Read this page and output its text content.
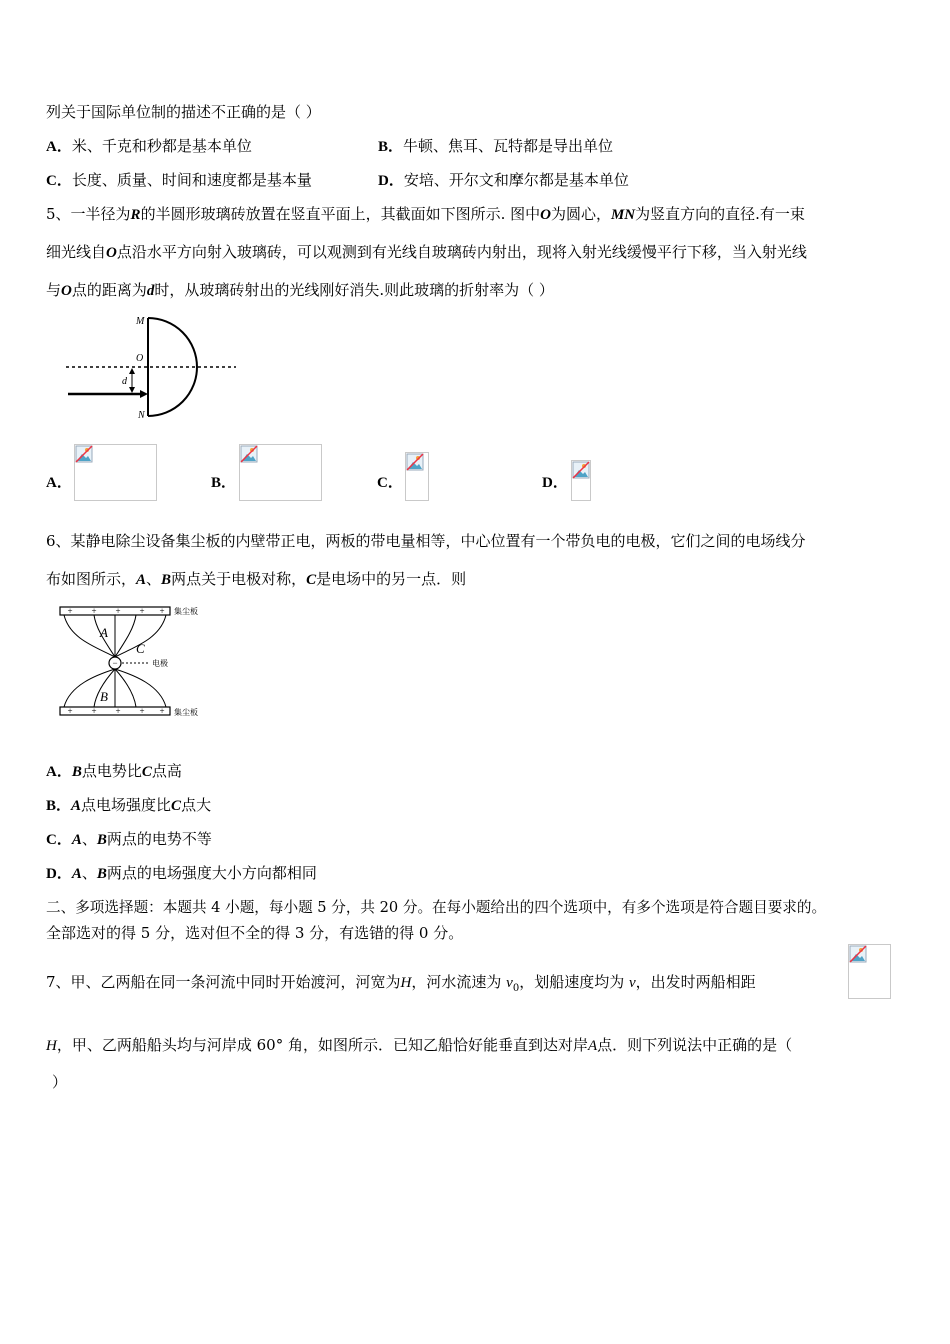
列关于国际单位制的描述不正确的是（ ）
A．米、千克和秒都是基本单位	B．牛顿、焦耳、瓦特都是导出单位
C．长度、质量、时间和速度都是基本量	D．安培、开尔文和摩尔都是基本单位
5、一半径为R的半圆形玻璃砖放置在竖直平面上，其截面如下图所示. 图中O为圆心，MN为竖直方向的直径.有一束
细光线自O点沿水平方向射入玻璃砖，可以观测到有光线自玻璃砖内射出，现将入射光线缓慢平行下移，当入射光线
与O点的距离为d时，从玻璃砖射出的光线刚好消失.则此玻璃的折射率为（ ）
M
O
d
N
A．	B．	C．	D．
6、某静电除尘设备集尘板的内壁带正电，两板的带电量相等，中心位置有一个带负电的电极，它们之间的电场线分
布如图所示，A、B两点关于电极对称，C是电场中的另一点．则
+ + + + +
+ + + + +
−	电极
集尘板
集尘板
A
C
B
A．B点电势比C点高
B．A点电场强度比C点大
C．A、B两点的电势不等
D．A、B两点的电场强度大小方向都相同
二、多项选择题：本题共 4 小题，每小题 5 分，共 20 分。在每小题给出的四个选项中，有多个选项是符合题目要求的。
全部选对的得 5 分，选对但不全的得 3 分，有选错的得 0 分。
7、甲、乙两船在同一条河流中同时开始渡河，河宽为H，河水流速为 $v_0$，划船速度均为 v，出发时两船相距
H，甲、乙两船船头均与河岸成 60° 角，如图所示．已知乙船恰好能垂直到达对岸A点．则下列说法中正确的是（
）
